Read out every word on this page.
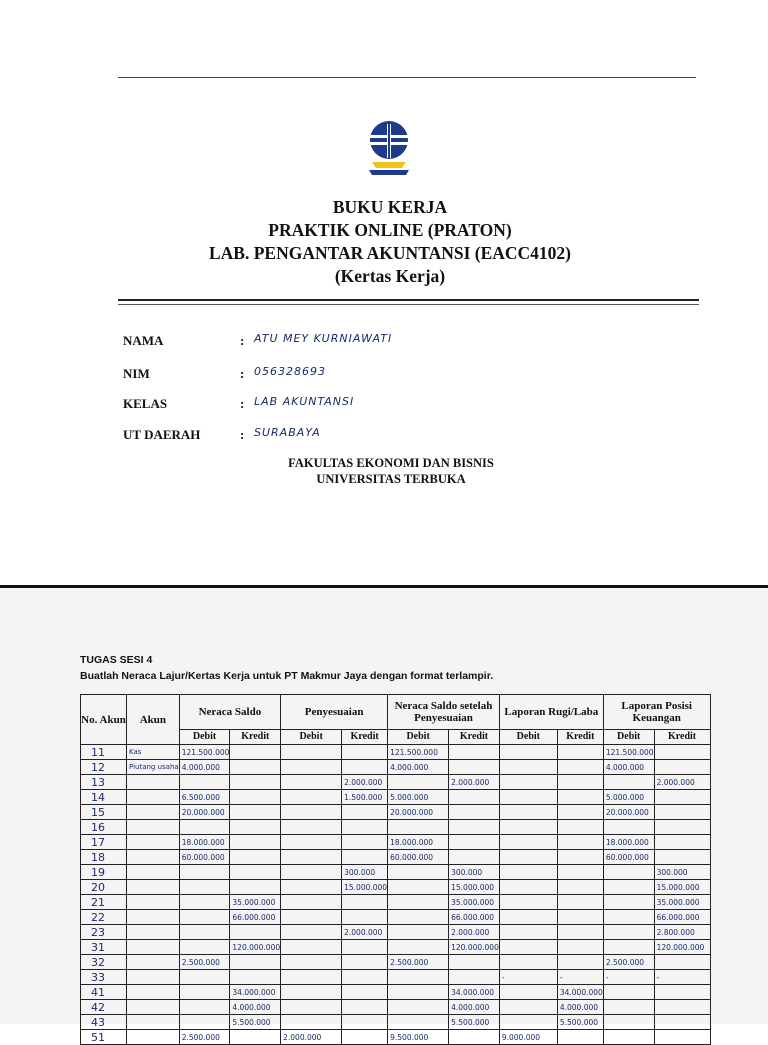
BUKU KERJA
PRAKTIK ONLINE (PRATON)
LAB. PENGANTAR AKUNTANSI (EACC4102)
(Kertas Kerja)
NAMA	: ATU MEY KURNIAWATI
NIM	: 056328693
KELAS	: LAB AKUNTANSI
UT DAERAH	: SURABAYA
FAKULTAS EKONOMI DAN BISNIS
UNIVERSITAS TERBUKA
TUGAS SESI 4
Buatlah Neraca Lajur/Kertas Kerja untuk PT Makmur Jaya dengan format terlampir.
No. Akun	Akun	Neraca Saldo		Penyesuaian		Neraca Saldo setelah Penyesuaian		Laporan Rugi/Laba		Laporan Posisi Keuangan	
		Debit	Kredit	Debit	Kredit	Debit	Kredit	Debit	Kredit	Debit	Kredit
11	Kas	121.500.000				121.500.000				121.500.000	
12	Piutang usaha	4.000.000				4.000.000				4.000.000	
13					2.000.000		2.000.000				2.000.000
14		6.500.000			1.500.000	5.000.000				5.000.000	
15		20.000.000				20.000.000				20.000.000	
16											
17		18.000.000				18.000.000				18.000.000	
18		60.000.000				60.000.000				60.000.000	
19					300.000		300.000				300.000
20					15.000.000		15.000.000				15.000.000
21			35.000.000				35.000.000				35.000.000
22			66.000.000				66.000.000				66.000.000
23					2.000.000		2.000.000				2.800.000
31			120.000.000				120.000.000				120.000.000
32		2.500.000				2.500.000				2.500.000	
33								-	-	-	-
41			34.000.000				34.000.000		34.000.000		
42			4.000.000				4.000.000		4.000.000		
43			5.500.000				5.500.000		5.500.000		
51		2.500.000		2.000.000		9.500.000		9.000.000			
